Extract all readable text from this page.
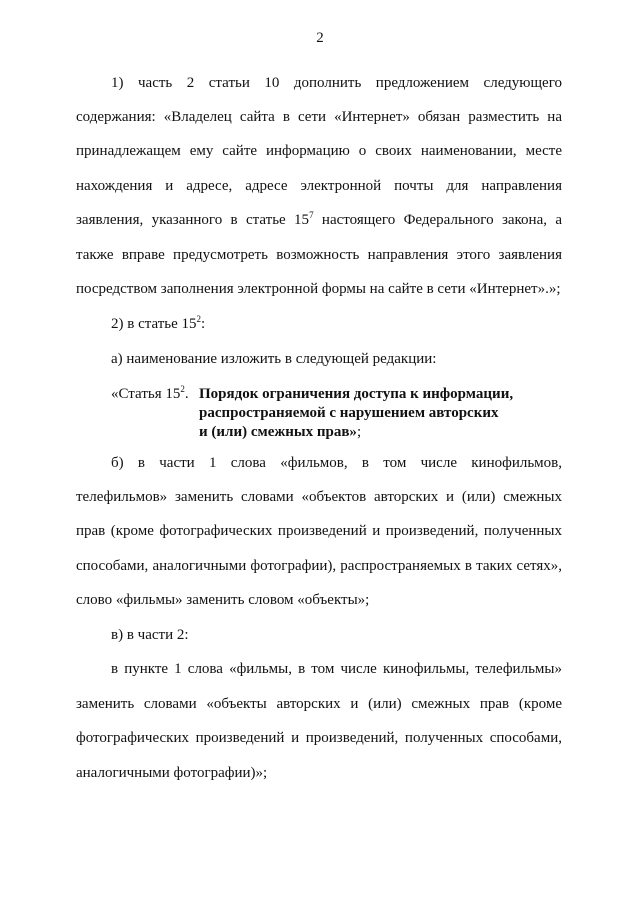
2
1) часть 2 статьи 10 дополнить предложением следующего
содержания: «Владелец сайта в сети «Интернет» обязан разместить на
принадлежащем ему сайте информацию о своих наименовании, месте
нахождения и адресе, адресе электронной почты для направления
заявления, указанного в статье $15^7$ настоящего Федерального закона, а
также вправе предусмотреть возможность направления этого заявления
посредством заполнения электронной формы на сайте в сети «Интернет».»;
2) в статье $15^2$:
а) наименование изложить в следующей редакции:
«Статья $15^2$. Порядок ограничения доступа к информации,
распространяемой с нарушением авторских
и (или) смежных прав»;
б) в части 1 слова «фильмов, в том числе кинофильмов,
телефильмов» заменить словами «объектов авторских и (или) смежных
прав (кроме фотографических произведений и произведений, полученных
способами, аналогичными фотографии), распространяемых в таких сетях»,
слово «фильмы» заменить словом «объекты»;
в) в части 2:
в пункте 1 слова «фильмы, в том числе кинофильмы, телефильмы»
заменить словами «объекты авторских и (или) смежных прав (кроме
фотографических произведений и произведений, полученных способами,
аналогичными фотографии)»;
